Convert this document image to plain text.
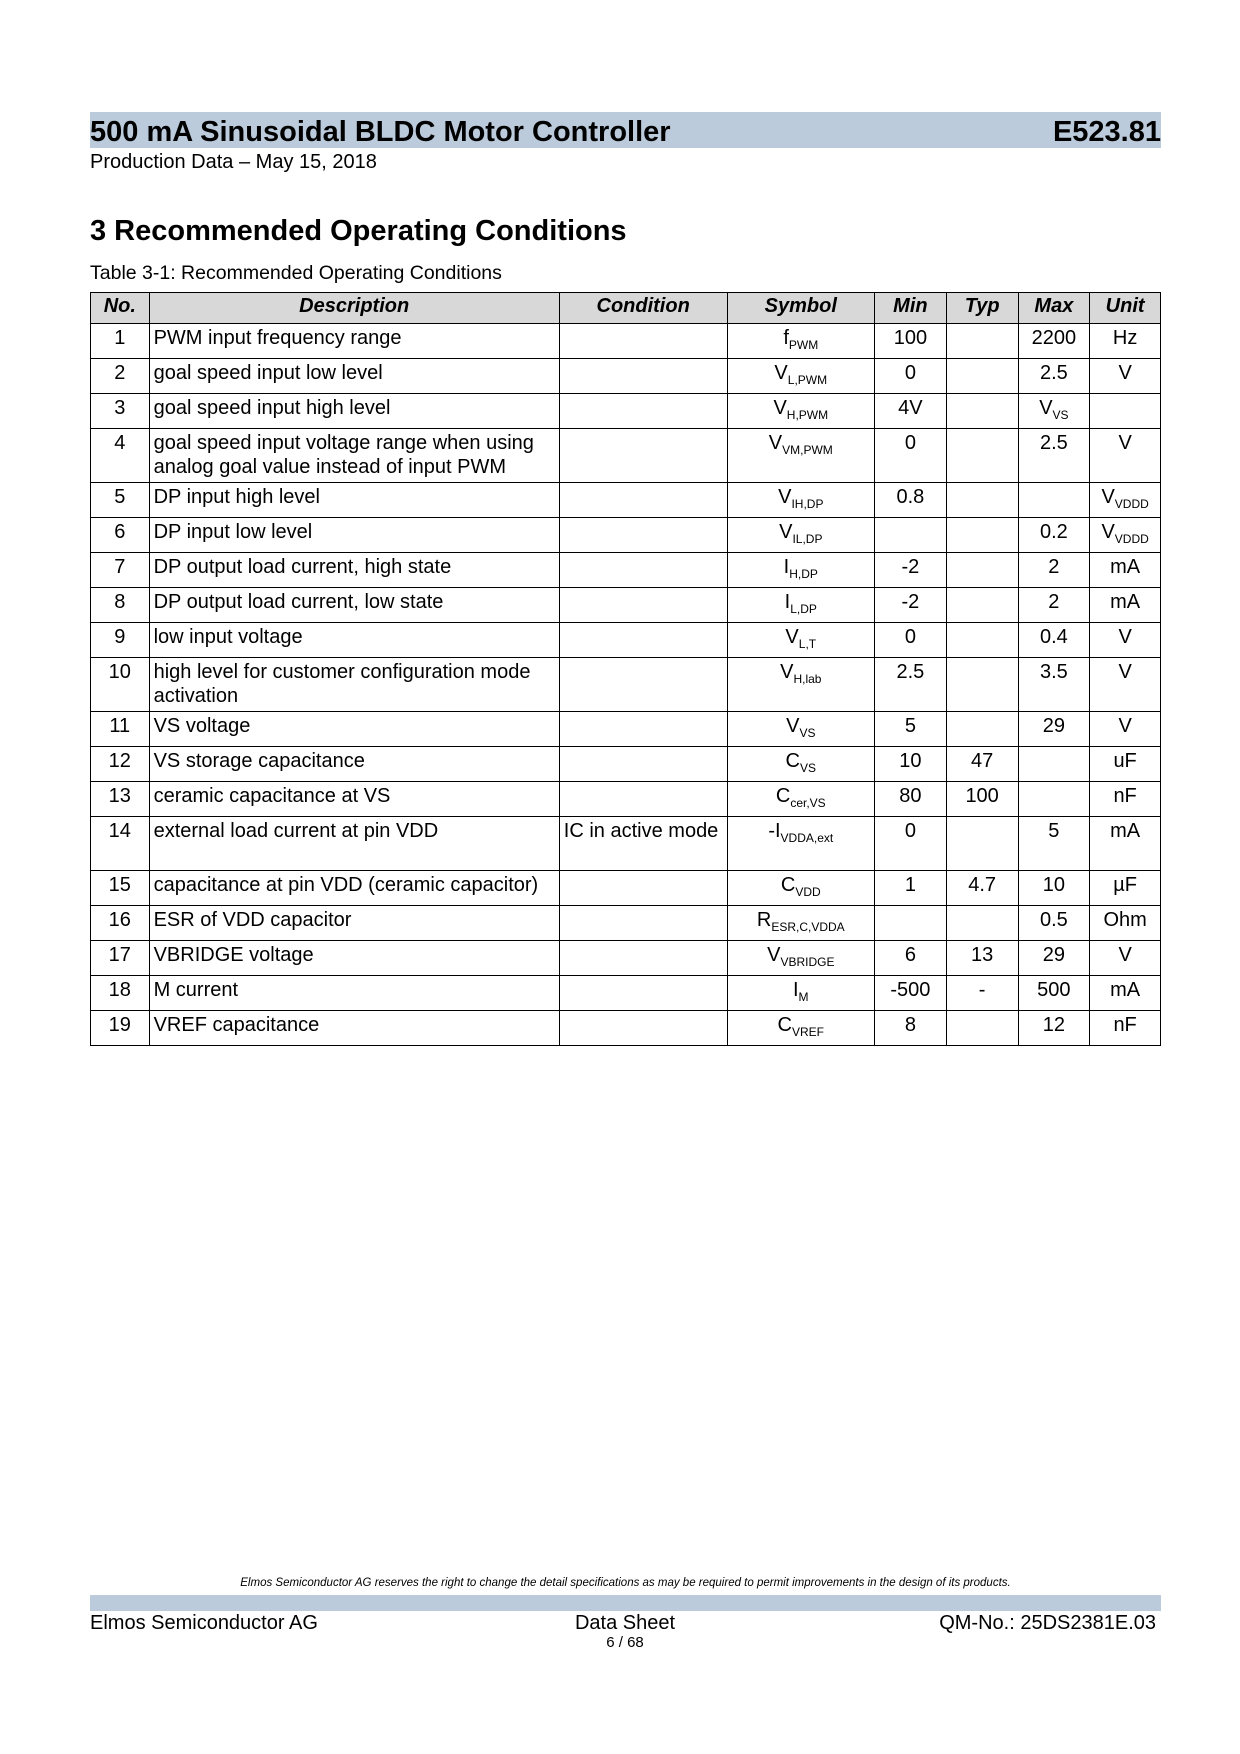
500 mA Sinusoidal BLDC Motor Controller	E523.81
Production Data – May 15, 2018
3 Recommended Operating Conditions
Table 3-1: Recommended Operating Conditions
No.	Description	Condition	Symbol	Min	Typ	Max	Unit
1	PWM input frequency range		$f_{PWM}$	100		2200	Hz
2	goal speed input low level		$V_{L,PWM}$	0		2.5	V
3	goal speed input high level		$V_{H,PWM}$	4V		$V_{VS}$	
4	goal speed input voltage range when using analog goal value instead of input PWM		$V_{VM,PWM}$	0		2.5	V
5	DP input high level		$V_{IH,DP}$	0.8			$V_{VDDD}$
6	DP input low level		$V_{IL,DP}$			0.2	$V_{VDDD}$
7	DP output load current, high state		$I_{H,DP}$	-2		2	mA
8	DP output load current, low state		$I_{L,DP}$	-2		2	mA
9	low input voltage		$V_{L,T}$	0		0.4	V
10	high level for customer configuration mode activation		$V_{H,lab}$	2.5		3.5	V
11	VS voltage		$V_{VS}$	5		29	V
12	VS storage capacitance		$C_{VS}$	10	47		uF
13	ceramic capacitance at VS		$C_{cer,VS}$	80	100		nF
14	external load current at pin VDD	IC in active mode	$-I_{VDDA,ext}$	0		5	mA
15	capacitance at pin VDD (ceramic capacitor)		$C_{VDD}$	1	4.7	10	µF
16	ESR of VDD capacitor		$R_{ESR,C,VDDA}$			0.5	Ohm
17	VBRIDGE voltage		$V_{VBRIDGE}$	6	13	29	V
18	M current		$I_M$	-500	-	500	mA
19	VREF capacitance		$C_{VREF}$	8		12	nF
Elmos Semiconductor AG reserves the right to change the detail specifications as may be required to permit improvements in the design of its products.
Elmos Semiconductor AG	Data Sheet	QM-No.: 25DS2381E.03
6 / 68
